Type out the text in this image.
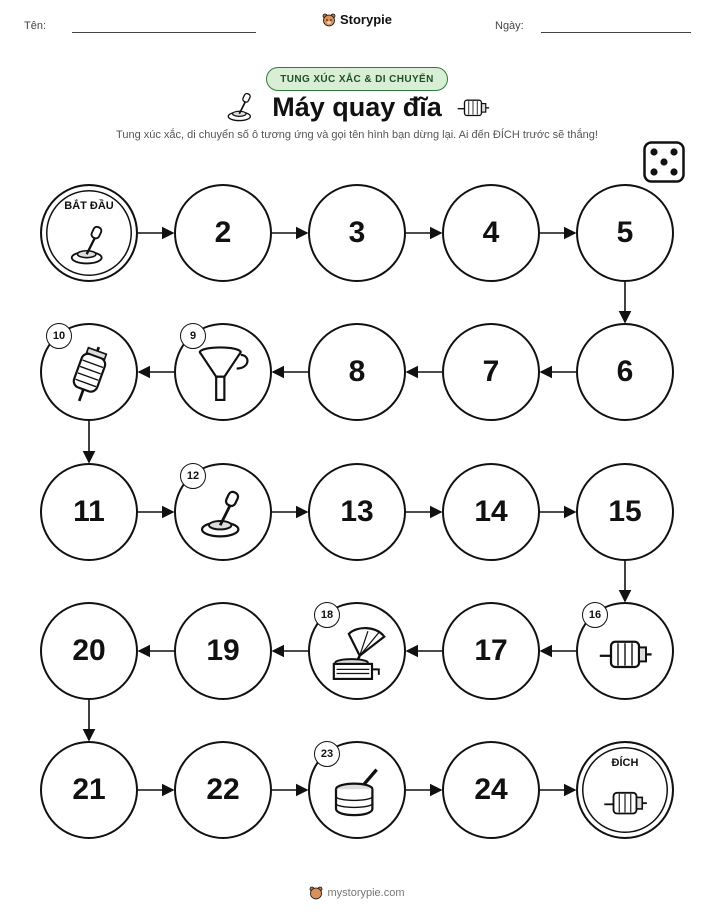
Tên:	Ngày:
Storypie
TUNG XÚC XẮC & DI CHUYỂN
Máy quay đĩa
Tung xúc xắc, di chuyển số ô tương ứng và gọi tên hình bạn dừng lại. Ai đến ĐÍCH trước sẽ thắng!
BẮT ĐẦU
2	3	4	5
6
7
8
9
10
11
12
13	14	15
16
17
18
19
20
21	22
23
24
ĐÍCH
mystorypie.com
